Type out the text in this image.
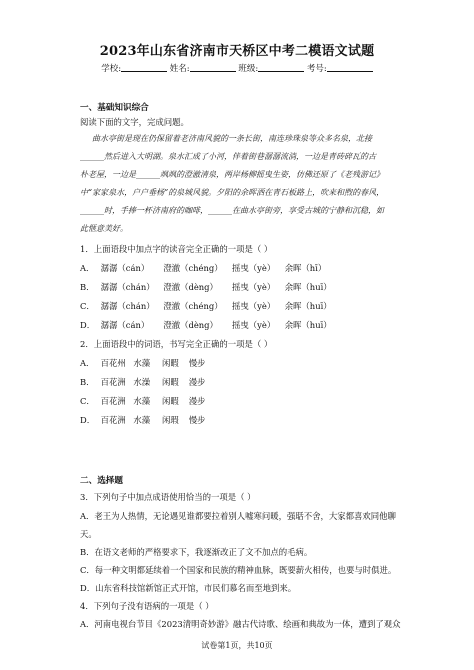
2023年山东省济南市天桥区中考二模语文试题
学校:	姓名:	班级:	考号:
一、基础知识综合
阅读下面的文字，完成问题。
曲水亭街是现在仍保留着老济南风貌的一条长街，南连珍珠泉等众多名泉，北接
______然后进入大明湖。泉水汇成了小河，伴着街巷潺潺流淌，一边是青砖碎瓦的古
朴老屋，一边是______飒飒的澄澈清泉，两岸杨柳摇曳生姿，仿佛还原了《老残游记》
中“家家泉水，户户垂杨”的泉城风貌。夕阳的余晖洒在青石板路上，吹来和煦的春风，
______时，手捧一杯济南府的咖啡，______在曲水亭街旁，享受古城的宁静和沉稳，如
此惬意美好。
1．上面语段中加点字的读音完全正确的一项是（ ）
A． 潺潺（cán） 澄澈（chéng） 摇曳（yè） 余晖（hī）
B． 潺潺（chán） 澄澈（dèng） 摇曳（yè） 余晖（huī）
C． 潺潺（chán） 澄澈（chéng） 摇曳（yè） 余晖（huī）
D． 潺潺（cán） 澄澈（dèng） 摇曳（yè） 余晖（huī）
2．上面语段中的词语，书写完全正确的一项是（ ）
A． 百花州 水藻 闲暇 慢步
B． 百花洲 水澡 闲暇 漫步
C． 百花洲 水藻 闲暇 漫步
D． 百花洲 水藻 闲瑕 慢步
二、选择题
3．下列句子中加点成语使用恰当的一项是（ ）
A．老王为人热情，无论遇见谁都要拉着别人嘘寒问暖，强聒不舍，大家都喜欢同他聊
天。
B．在语文老师的严格要求下，我逐渐改正了文不加点的毛病。
C．每一种文明都延续着一个国家和民族的精神血脉，既要薪火相传，也要与时俱进。
D．山东省科技馆新馆正式开馆，市民们慕名而至地到来。
4．下列句子没有语病的一项是（ ）
A．河南电视台节目《2023清明奇妙游》融古代诗歌、绘画和典故为一体，遭到了观众
试卷第1页，共10页
